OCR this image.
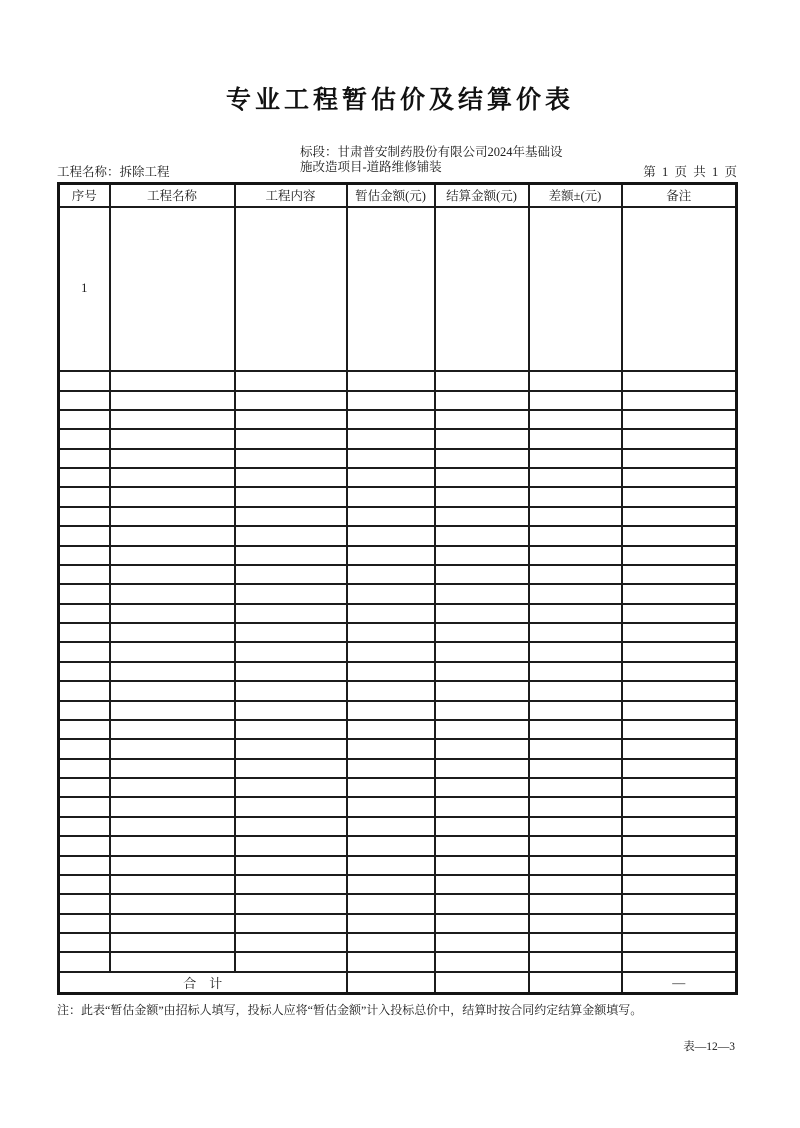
专业工程暂估价及结算价表
工程名称：拆除工程
标段：甘肃普安制药股份有限公司2024年基础设
施改造项目-道路维修铺装	第  1  页  共  1  页
序号	工程名称	工程内容	暂估金额(元)	结算金额(元)	差额±(元)	备注
1						

合    计						—
注：此表“暂估金额”由招标人填写，投标人应将“暂估金额”计入投标总价中，结算时按合同约定结算金额填写。
表—12—3
